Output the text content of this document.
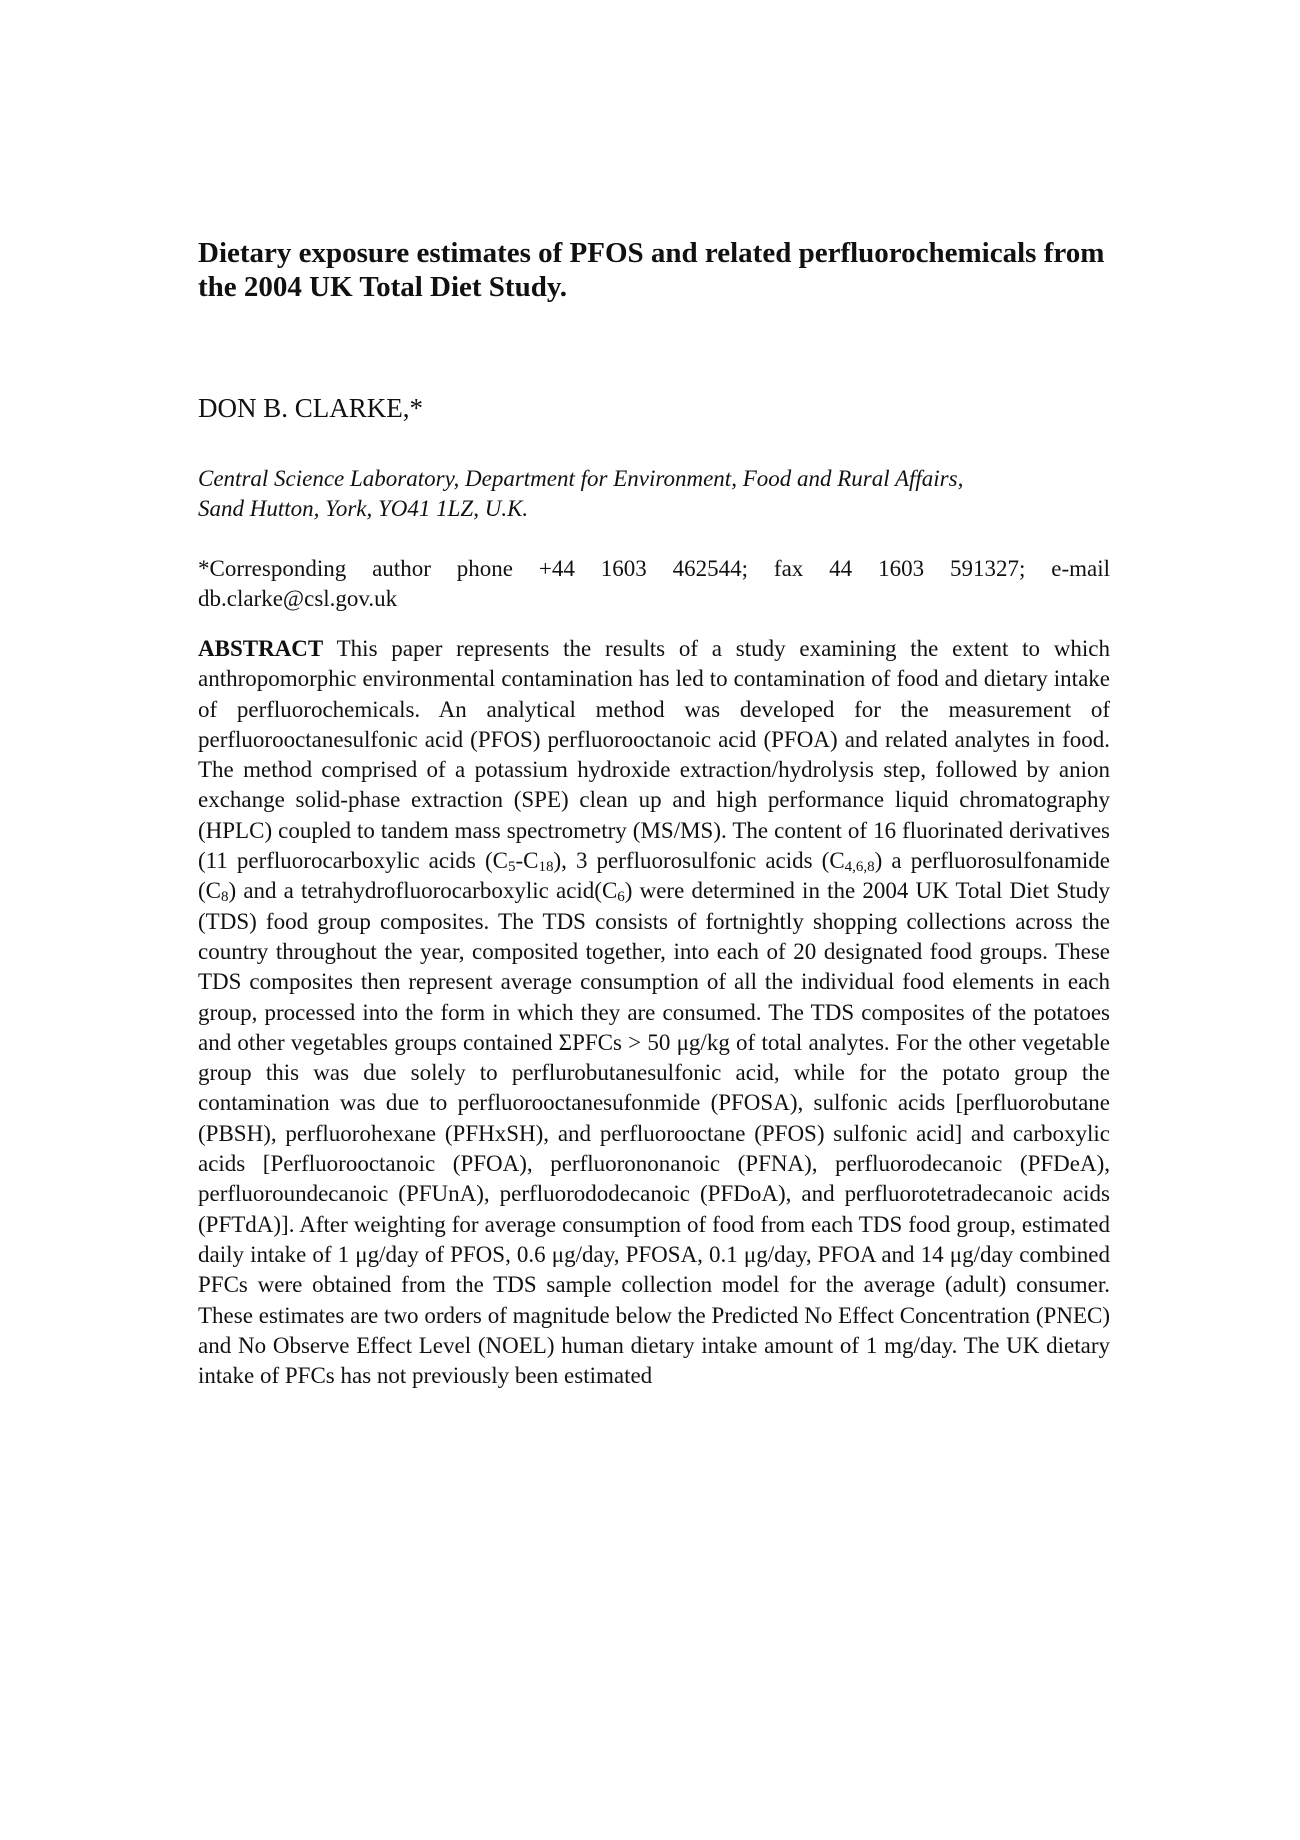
Dietary exposure estimates of PFOS and related perfluorochemicals from the 2004 UK Total Diet Study.

DON B. CLARKE,*

Central Science Laboratory, Department for Environment, Food and Rural Affairs,
Sand Hutton, York, YO41 1LZ, U.K.

*Corresponding author phone +44 1603 462544; fax 44 1603 591327; e-mail db.clarke@csl.gov.uk

ABSTRACT This paper represents the results of a study examining the extent to which anthropomorphic environmental contamination has led to contamination of food and dietary intake of perfluorochemicals. An analytical method was developed for the measurement of perfluorooctanesulfonic acid (PFOS) perfluorooctanoic acid (PFOA) and related analytes in food. The method comprised of a potassium hydroxide extraction/hydrolysis step, followed by anion exchange solid-phase extraction (SPE) clean up and high performance liquid chromatography (HPLC) coupled to tandem mass spectrometry (MS/MS). The content of 16 fluorinated derivatives (11 perfluorocarboxylic acids $(C_5-C_{18})$, 3 perfluorosulfonic acids $(C_{4,6,8})$ a perfluorosulfonamide $(C_8)$ and a tetrahydrofluorocarboxylic $acid(C_6)$ were determined in the 2004 UK Total Diet Study (TDS) food group composites. The TDS consists of fortnightly shopping collections across the country throughout the year, composited together, into each of 20 designated food groups. These TDS composites then represent average consumption of all the individual food elements in each group, processed into the form in which they are consumed. The TDS composites of the potatoes and other vegetables groups contained ΣPFCs > 50 μg/kg of total analytes. For the other vegetable group this was due solely to perflurobutanesulfonic acid, while for the potato group the contamination was due to perfluorooctanesufonmide (PFOSA), sulfonic acids [perfluorobutane (PBSH), perfluorohexane (PFHxSH), and perfluorooctane (PFOS) sulfonic acid] and carboxylic acids [Perfluorooctanoic (PFOA), perfluorononanoic (PFNA), perfluorodecanoic (PFDeA), perfluoroundecanoic (PFUnA), perfluorododecanoic (PFDoA), and perfluorotetradecanoic acids (PFTdA)]. After weighting for average consumption of food from each TDS food group, estimated daily intake of 1 μg/day of PFOS, 0.6 μg/day, PFOSA, 0.1 μg/day, PFOA and 14 μg/day combined PFCs were obtained from the TDS sample collection model for the average (adult) consumer. These estimates are two orders of magnitude below the Predicted No Effect Concentration (PNEC) and No Observe Effect Level (NOEL) human dietary intake amount of 1 mg/day. The UK dietary intake of PFCs has not previously been estimated
